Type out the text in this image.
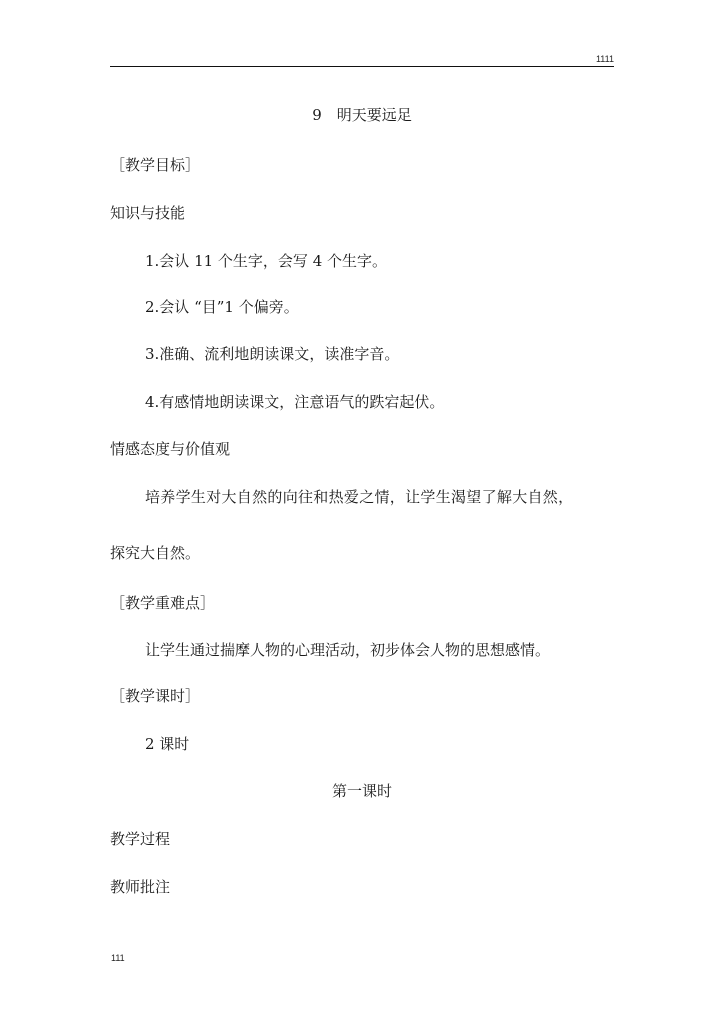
1111
9　明天要远足
［教学目标］
知识与技能
1.会认 11 个生字，会写 4 个生字。
2.会认 “目”1 个偏旁。
3.准确、流利地朗读课文，读准字音。
4.有感情地朗读课文，注意语气的跌宕起伏。
情感态度与价值观
培养学生对大自然的向往和热爱之情，让学生渴望了解大自然，
探究大自然。
［教学重难点］
让学生通过揣摩人物的心理活动，初步体会人物的思想感情。
［教学课时］
2 课时
第一课时
教学过程
教师批注
111
